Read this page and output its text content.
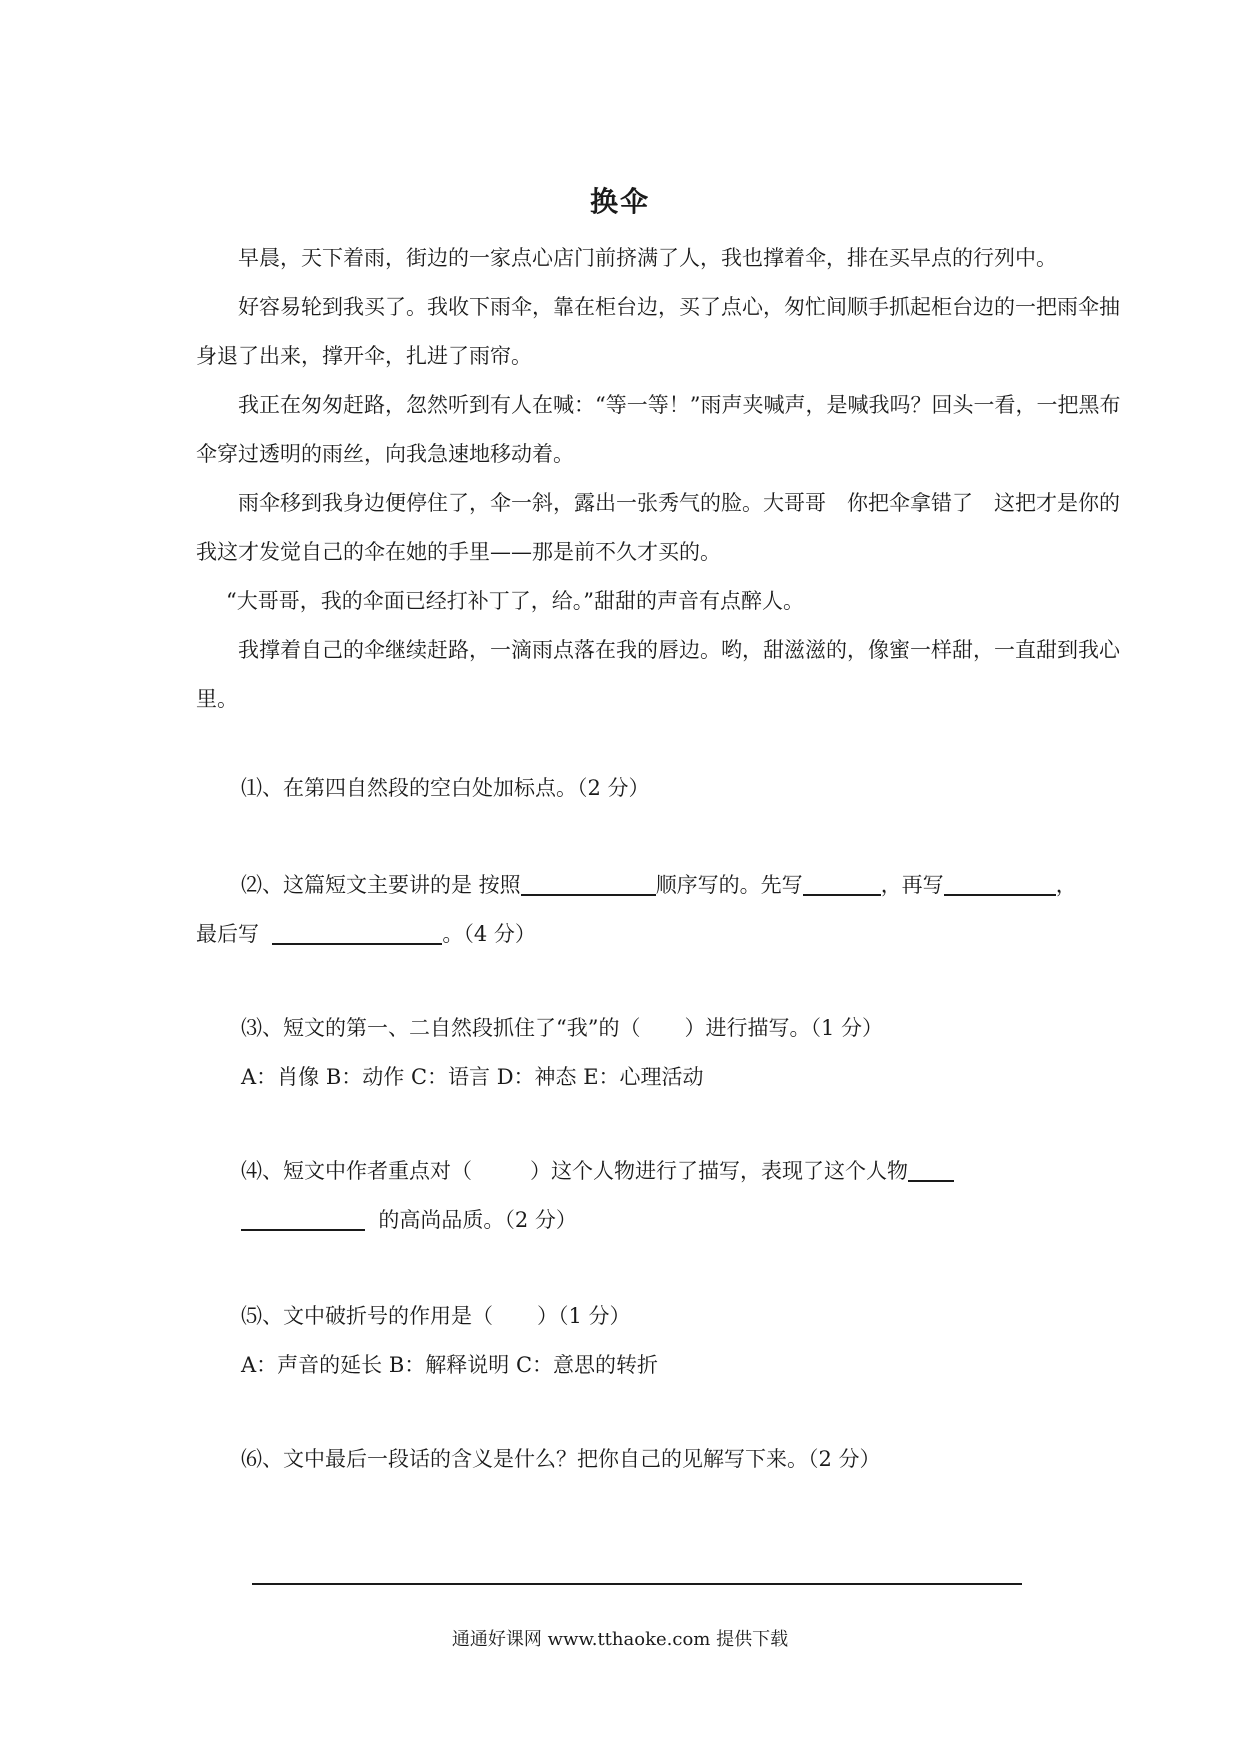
换伞

早晨，天下着雨，街边的一家点心店门前挤满了人，我也撑着伞，排在买早点的行列中。

好容易轮到我买了。我收下雨伞，靠在柜台边，买了点心，匆忙间顺手抓起柜台边的一把雨伞抽身退了出来，撑开伞，扎进了雨帘。

我正在匆匆赶路，忽然听到有人在喊：“等一等！”雨声夹喊声，是喊我吗？回头一看，一把黑布伞穿过透明的雨丝，向我急速地移动着。

雨伞移到我身边便停住了，伞一斜，露出一张秀气的脸。大哥哥　你把伞拿错了　这把才是你的　我这才发觉自己的伞在她的手里——那是前不久才买的。

“大哥哥，我的伞面已经打补丁了，给。”甜甜的声音有点醉人。

我撑着自己的伞继续赶路，一滴雨点落在我的唇边。哟，甜滋滋的，像蜜一样甜，一直甜到我心里。

⑴、在第四自然段的空白处加标点。（2 分）

⑵、这篇短文主要讲的是 按照	顺序写的。先写	，再写	，

最后写	。（4 分）

⑶、短文的第一、二自然段抓住了“我”的（ ）进行描写。（1 分）

A：肖像 B：动作 C：语言 D：神态 E：心理活动

⑷、短文中作者重点对（	）这个人物进行了描写，表现了这个人物

的高尚品质。（2 分）

⑸、文中破折号的作用是（ ）（1 分）

A：声音的延长 B：解释说明 C：意思的转折

⑹、文中最后一段话的含义是什么？把你自己的见解写下来。（2 分）

通通好课网 www.tthaoke.com 提供下载
